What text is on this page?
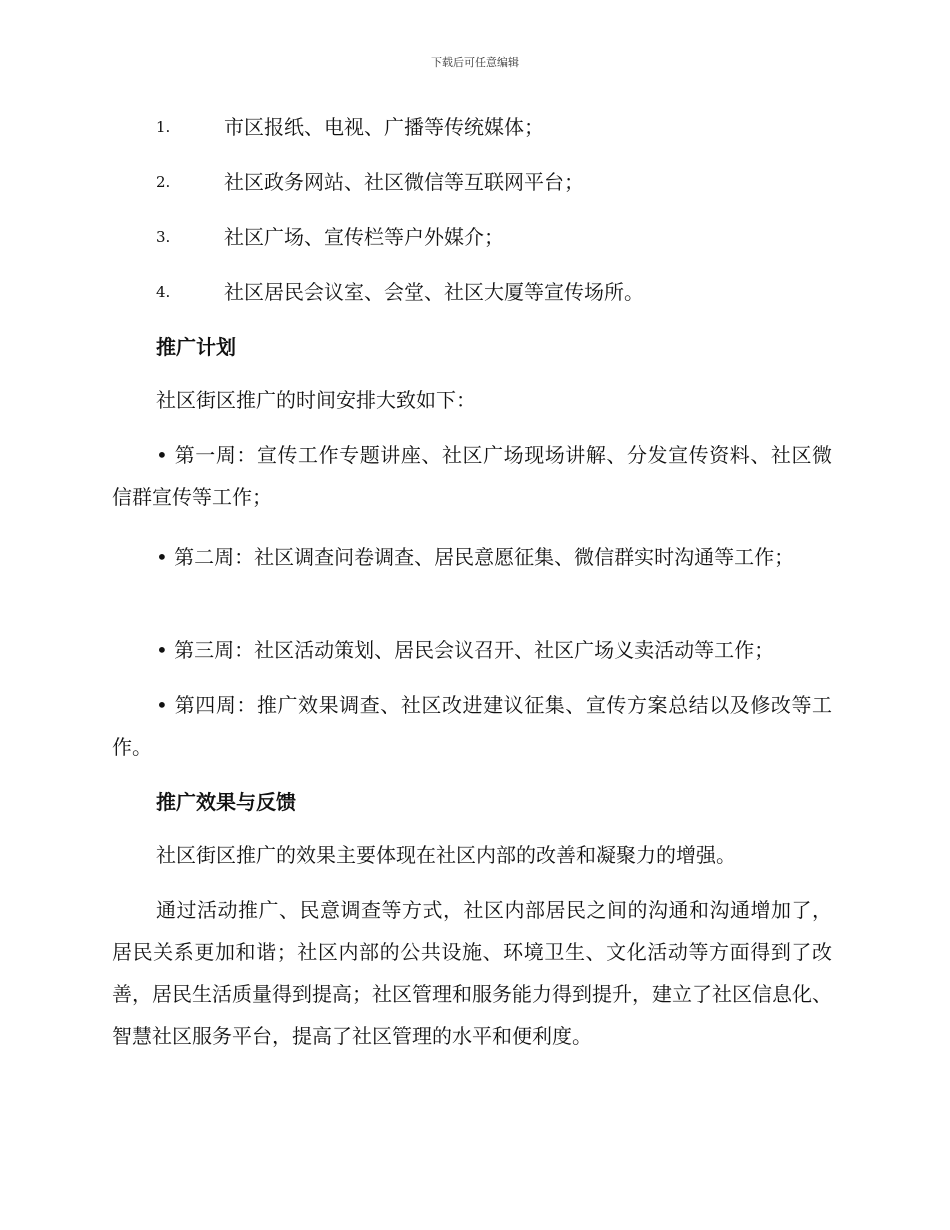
下载后可任意编辑
1.	市区报纸、电视、广播等传统媒体；
2.	社区政务网站、社区微信等互联网平台；
3.	社区广场、宣传栏等户外媒介；
4.	社区居民会议室、会堂、社区大厦等宣传场所。
推广计划
社区街区推广的时间安排大致如下：
• 第一周：宣传工作专题讲座、社区广场现场讲解、分发宣传资料、社区微信群宣传等工作；
• 第二周：社区调查问卷调查、居民意愿征集、微信群实时沟通等工作；
• 第三周：社区活动策划、居民会议召开、社区广场义卖活动等工作；
• 第四周：推广效果调查、社区改进建议征集、宣传方案总结以及修改等工作。
推广效果与反馈
社区街区推广的效果主要体现在社区内部的改善和凝聚力的增强。
通过活动推广、民意调查等方式，社区内部居民之间的沟通和沟通增加了，居民关系更加和谐；社区内部的公共设施、环境卫生、文化活动等方面得到了改善，居民生活质量得到提高；社区管理和服务能力得到提升，建立了社区信息化、智慧社区服务平台，提高了社区管理的水平和便利度。
